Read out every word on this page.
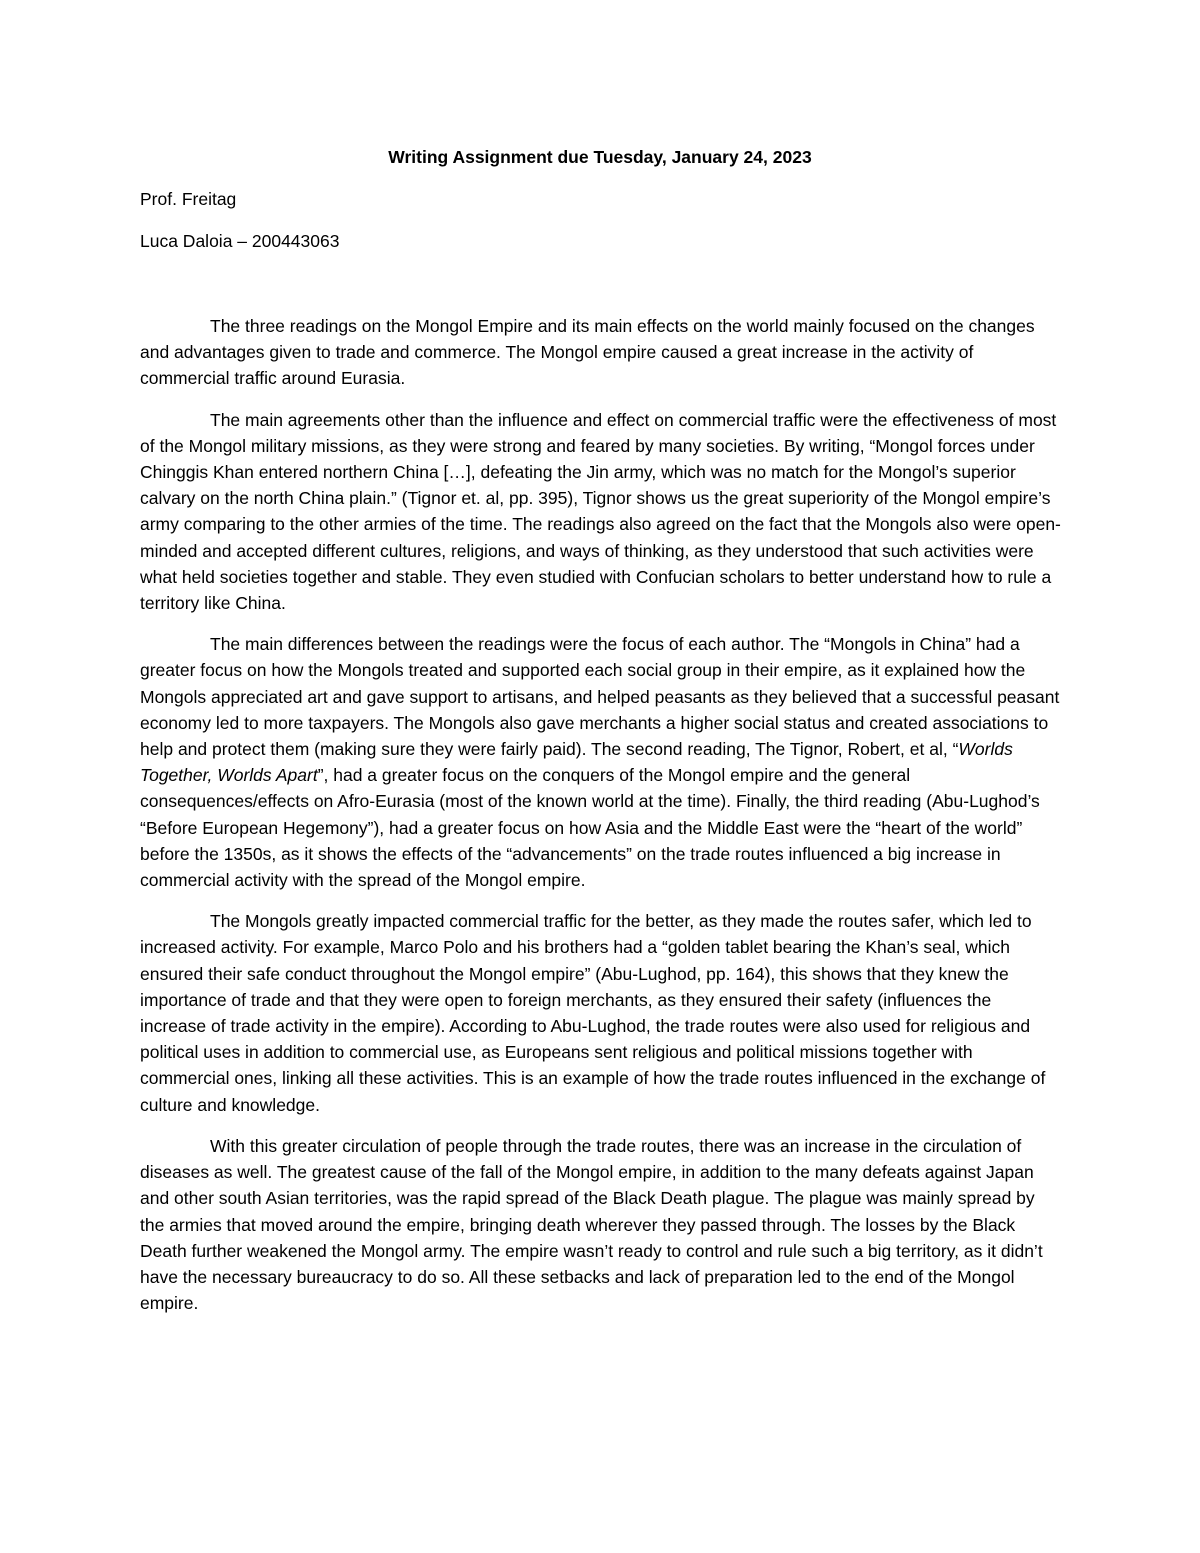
Writing Assignment due Tuesday, January 24, 2023
Prof. Freitag
Luca Daloia – 200443063

The three readings on the Mongol Empire and its main effects on the world mainly focused on the changes and advantages given to trade and commerce. The Mongol empire caused a great increase in the activity of commercial traffic around Eurasia.

The main agreements other than the influence and effect on commercial traffic were the effectiveness of most of the Mongol military missions, as they were strong and feared by many societies. By writing, “Mongol forces under Chinggis Khan entered northern China […], defeating the Jin army, which was no match for the Mongol’s superior calvary on the north China plain.” (Tignor et. al, pp. 395), Tignor shows us the great superiority of the Mongol empire’s army comparing to the other armies of the time. The readings also agreed on the fact that the Mongols also were open-minded and accepted different cultures, religions, and ways of thinking, as they understood that such activities were what held societies together and stable. They even studied with Confucian scholars to better understand how to rule a territory like China.

The main differences between the readings were the focus of each author. The “Mongols in China” had a greater focus on how the Mongols treated and supported each social group in their empire, as it explained how the Mongols appreciated art and gave support to artisans, and helped peasants as they believed that a successful peasant economy led to more taxpayers. The Mongols also gave merchants a higher social status and created associations to help and protect them (making sure they were fairly paid). The second reading, The Tignor, Robert, et al, “Worlds Together, Worlds Apart”, had a greater focus on the conquers of the Mongol empire and the general consequences/effects on Afro-Eurasia (most of the known world at the time). Finally, the third reading (Abu-Lughod’s “Before European Hegemony”), had a greater focus on how Asia and the Middle East were the “heart of the world” before the 1350s, as it shows the effects of the “advancements” on the trade routes influenced a big increase in commercial activity with the spread of the Mongol empire.

The Mongols greatly impacted commercial traffic for the better, as they made the routes safer, which led to increased activity. For example, Marco Polo and his brothers had a “golden tablet bearing the Khan’s seal, which ensured their safe conduct throughout the Mongol empire” (Abu-Lughod, pp. 164), this shows that they knew the importance of trade and that they were open to foreign merchants, as they ensured their safety (influences the increase of trade activity in the empire). According to Abu-Lughod, the trade routes were also used for religious and political uses in addition to commercial use, as Europeans sent religious and political missions together with commercial ones, linking all these activities. This is an example of how the trade routes influenced in the exchange of culture and knowledge.

With this greater circulation of people through the trade routes, there was an increase in the circulation of diseases as well. The greatest cause of the fall of the Mongol empire, in addition to the many defeats against Japan and other south Asian territories, was the rapid spread of the Black Death plague. The plague was mainly spread by the armies that moved around the empire, bringing death wherever they passed through. The losses by the Black Death further weakened the Mongol army. The empire wasn’t ready to control and rule such a big territory, as it didn’t have the necessary bureaucracy to do so. All these setbacks and lack of preparation led to the end of the Mongol empire.
